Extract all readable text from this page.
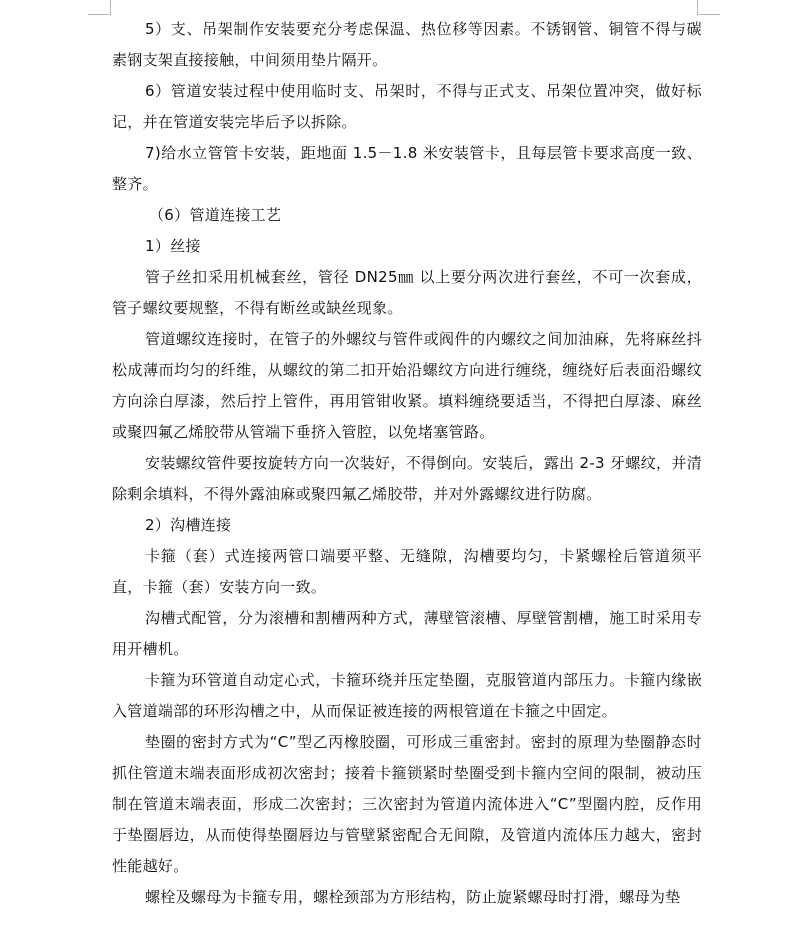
5）支、吊架制作安装要充分考虑保温、热位移等因素。不锈钢管、铜管不得与碳素钢支架直接接触，中间须用垫片隔开。

6）管道安装过程中使用临时支、吊架时，不得与正式支、吊架位置冲突，做好标记，并在管道安装完毕后予以拆除。

7)给水立管管卡安装，距地面 1.5－1.8 米安装管卡，且每层管卡要求高度一致、整齐。

（6）管道连接工艺

1）丝接

管子丝扣采用机械套丝，管径 DN25㎜ 以上要分两次进行套丝，不可一次套成，管子螺纹要规整，不得有断丝或缺丝现象。

管道螺纹连接时，在管子的外螺纹与管件或阀件的内螺纹之间加油麻，先将麻丝抖松成薄而均匀的纤维，从螺纹的第二扣开始沿螺纹方向进行缠绕，缠绕好后表面沿螺纹方向涂白厚漆，然后拧上管件，再用管钳收紧。填料缠绕要适当，不得把白厚漆、麻丝或聚四氟乙烯胶带从管端下垂挤入管腔，以免堵塞管路。

安装螺纹管件要按旋转方向一次装好，不得倒向。安装后，露出 2-3 牙螺纹，并清除剩余填料，不得外露油麻或聚四氟乙烯胶带，并对外露螺纹进行防腐。

2）沟槽连接

卡箍（套）式连接两管口端要平整、无缝隙，沟槽要均匀，卡紧螺栓后管道须平直，卡箍（套）安装方向一致。

沟槽式配管，分为滚槽和割槽两种方式，薄壁管滚槽、厚壁管割槽，施工时采用专用开槽机。

卡箍为环管道自动定心式，卡箍环绕并压定垫圈，克服管道内部压力。卡箍内缘嵌入管道端部的环形沟槽之中，从而保证被连接的两根管道在卡箍之中固定。

垫圈的密封方式为“C”型乙丙橡胶圈，可形成三重密封。密封的原理为垫圈静态时抓住管道末端表面形成初次密封；接着卡箍锁紧时垫圈受到卡箍内空间的限制，被动压制在管道末端表面，形成二次密封；三次密封为管道内流体进入“C”型圈内腔，反作用于垫圈唇边，从而使得垫圈唇边与管壁紧密配合无间隙，及管道内流体压力越大，密封性能越好。

螺栓及螺母为卡箍专用，螺栓颈部为方形结构，防止旋紧螺母时打滑，螺母为垫
